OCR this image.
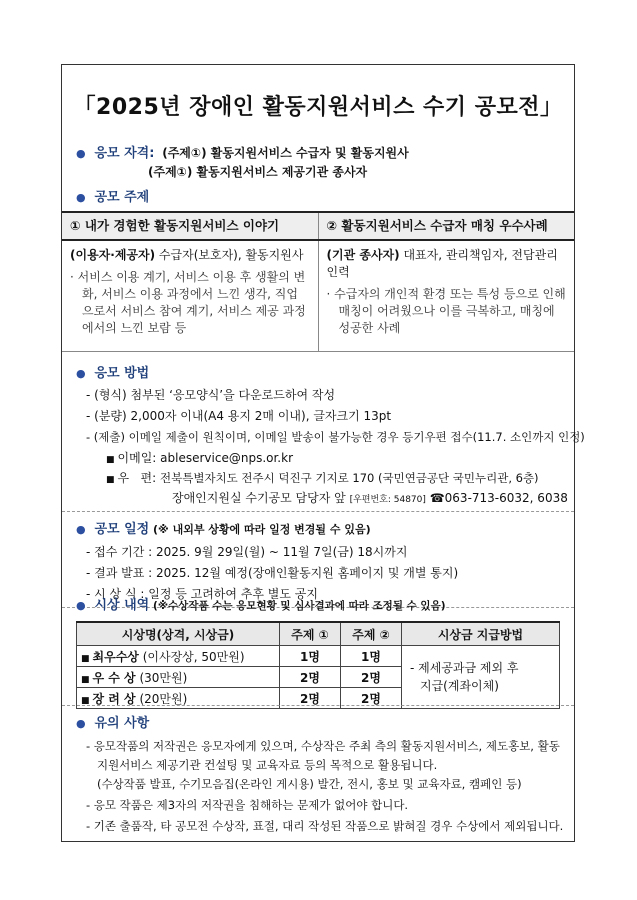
「2025년 장애인 활동지원서비스 수기 공모전」
● 응모 자격: (주제①) 활동지원서비스 수급자 및 활동지원사
(주제①) 활동지원서비스 제공기관 종사자
● 공모 주제
① 내가 경험한 활동지원서비스 이야기	② 활동지원서비스 수급자 매칭 우수사례
(이용자·제공자) 수급자(보호자), 활동지원사
· 서비스 이용 계기, 서비스 이용 후 생활의 변화, 서비스 이용 과정에서 느낀 생각, 직업으로서 서비스 참여 계기, 서비스 제공 과정에서의 느낀 보람 등
(기관 종사자) 대표자, 관리책임자, 전담관리인력
· 수급자의 개인적 환경 또는 특성 등으로 인해 매칭이 어려웠으나 이를 극복하고, 매칭에 성공한 사례
● 응모 방법
- (형식) 첨부된 ‘응모양식’을 다운로드하여 작성
- (분량) 2,000자 이내(A4 용지 2매 이내), 글자크기 13pt
- (제출) 이메일 제출이 원칙이며, 이메일 발송이 불가능한 경우 등기우편 접수(11.7. 소인까지 인정)
■ 이메일: ableservice@nps.or.kr
■ 우   편: 전북특별자치도 전주시 덕진구 기지로 170 (국민연금공단 국민누리관, 6층)
장애인지원실 수기공모 담당자 앞 [우편번호: 54870] ☎063-713-6032, 6038
● 공모 일정 (※ 내외부 상황에 따라 일정 변경될 수 있음)
- 접수 기간 : 2025. 9월 29일(월) ~ 11월 7일(금) 18시까지
- 결과 발표 : 2025. 12월 예정(장애인활동지원 홈페이지 및 개별 통지)
- 시 상 식 : 일정 등 고려하여 추후 별도 공지
● 시상 내역 (※수상작품 수는 응모현황 및 심사결과에 따라 조정될 수 있음)
시상명(상격, 시상금)	주제 ①	주제 ②	시상금 지급방법
■ 최우수상 (이사장상, 50만원)	1명	1명	- 제세공과금 제외 후
지급(계좌이체)

■ 우 수 상 (30만원)	2명	2명	
■ 장 려 상 (20만원)	2명	2명	
● 유의 사항
- 응모작품의 저작권은 응모자에게 있으며, 수상작은 주최 측의 활동지원서비스, 제도홍보, 활동
지원서비스 제공기관 컨설팅 및 교육자료 등의 목적으로 활용됩니다.
(수상작품 발표, 수기모음집(온라인 게시용) 발간, 전시, 홍보 및 교육자료, 캠페인 등)
- 응모 작품은 제3자의 저작권을 침해하는 문제가 없어야 합니다.
- 기존 출품작, 타 공모전 수상작, 표절, 대리 작성된 작품으로 밝혀질 경우 수상에서 제외됩니다.
